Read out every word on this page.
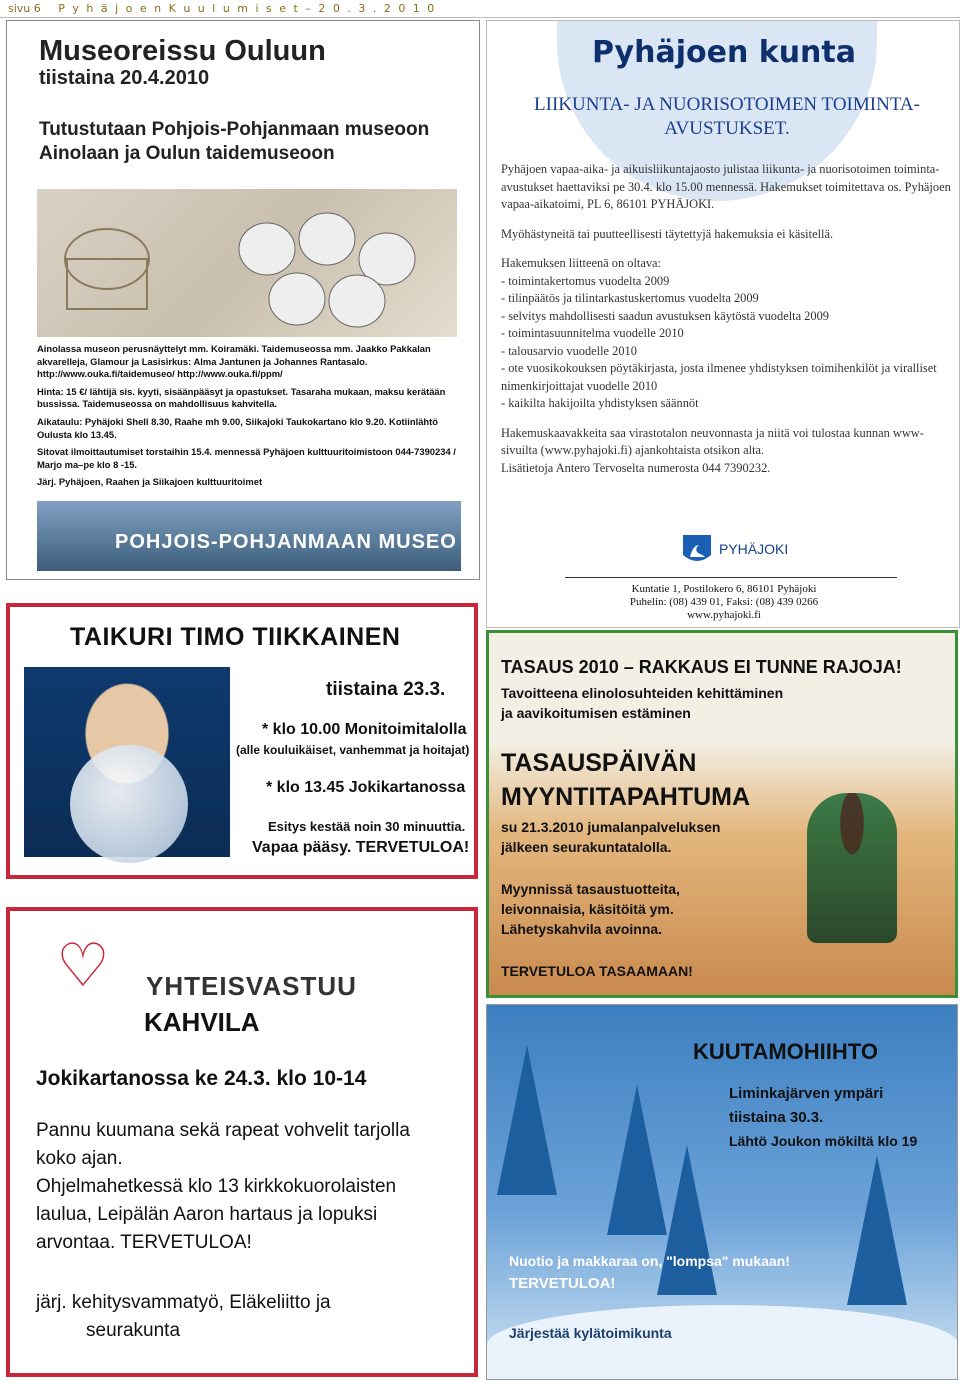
sivu 6 P y h ä j o e n K u u l u m i s e t – 2 0 . 3 . 2 0 1 0
Museoreissu Ouluun
tiistaina 20.4.2010
Tutustutaan Pohjois-Pohjanmaan museoon Ainolaan ja Oulun taidemuseoon

Ainolassa museon perusnäyttelyt mm. Koiramäki. Taidemuseossa mm. Jaakko Pakkalan akvarelleja, Glamour ja Lasisirkus: Alma Jantunen ja Johannes Rantasalo. http://www.ouka.fi/taidemuseo/ http://www.ouka.fi/ppm/

Hinta: 15 €/ lähtijä sis. kyyti, sisäänpääsyt ja opastukset. Tasaraha mukaan, maksu kerätään bussissa. Taidemuseossa on mahdollisuus kahvitella.

Aikataulu: Pyhäjoki Shell 8.30, Raahe mh 9.00, Siikajoki Taukokartano klo 9.20. Kotiinlähtö Oulusta klo 13.45.

Sitovat ilmoittautumiset torstaihin 15.4. mennessä Pyhäjoen kulttuuritoimistoon 044-7390234 / Marjo ma–pe klo 8 -15.

Järj. Pyhäjoen, Raahen ja Siikajoen kulttuuritoimet

POHJOIS-POHJANMAAN MUSEO
Pyhäjoen kunta
LIIKUNTA- JA NUORISOTOIMEN TOIMINTA-AVUSTUKSET.

Pyhäjoen vapaa-aika- ja aikuisliikuntajaosto julistaa liikunta- ja nuorisotoimen toiminta-avustukset haettaviksi pe 30.4. klo 15.00 mennessä. Hakemukset toimitettava os. Pyhäjoen vapaa-aikatoimi, PL 6, 86101 PYHÄJOKI.

Myöhästyneitä tai puutteellisesti täytettyjä hakemuksia ei käsitellä.

Hakemuksen liitteenä on oltava:
- toimintakertomus vuodelta 2009
- tilinpäätös ja tilintarkastuskertomus vuodelta 2009
- selvitys mahdollisesti saadun avustuksen käytöstä vuodelta 2009
- toimintasuunnitelma vuodelle 2010
- talousarvio vuodelle 2010
- ote vuosikokouksen pöytäkirjasta, josta ilmenee yhdistyksen toimihenkilöt ja viralliset nimenkirjoittajat vuodelle 2010
- kaikilta hakijoilta yhdistyksen säännöt

Hakemuskaavakkeita saa virastotalon neuvonnasta ja niitä voi tulostaa kunnan www-sivuilta (www.pyhajoki.fi) ajankohtaista otsikon alta.

Lisätietoja Antero Tervoselta numerosta 044 7390232.

PYHÄJOKI
Kuntatie 1, Postilokero 6, 86101 Pyhäjoki
Puhelin: (08) 439 01, Faksi: (08) 439 0266
www.pyhajoki.fi
TAIKURI TIMO TIIKKAINEN
tiistaina 23.3.
* klo 10.00 Monitoimitalolla
(alle kouluikäiset, vanhemmat ja hoitajat)
* klo 13.45 Jokikartanossa
Esitys kestää noin 30 minuuttia.
Vapaa pääsy. TERVETULOA!
♡ YHTEISVASTUU
KAHVILA
Jokikartanossa ke 24.3. klo 10-14
Pannu kuumana sekä rapeat vohvelit tarjolla
koko ajan.
Ohjelmahetkessä klo 13 kirkkokuorolaisten
laulua, Leipälän Aaron hartaus ja lopuksi
arvontaa. TERVETULOA!
järj. kehitysvammatyö, Eläkeliitto ja
seurakunta
TASAUS 2010 – RAKKAUS EI TUNNE RAJOJA!
Tavoitteena elinolosuhteiden kehittäminen
ja aavikoitumisen estäminen
TASAUSPÄIVÄN
MYYNTITAPAHTUMA
su 21.3.2010 jumalanpalveluksen
jälkeen seurakuntatalolla.
Myynnissä tasaustuotteita,
leivonnaisia, käsitöitä ym.
Lähetyskahvila avoinna.
TERVETULOA TASAAMAAN!
KUUTAMOHIIHTO
Liminkajärven ympäri
tiistaina 30.3.
Lähtö Joukon mökiltä klo 19
Nuotio ja makkaraa on, "lompsa" mukaan!
TERVETULOA!
Järjestää kylätoimikunta
